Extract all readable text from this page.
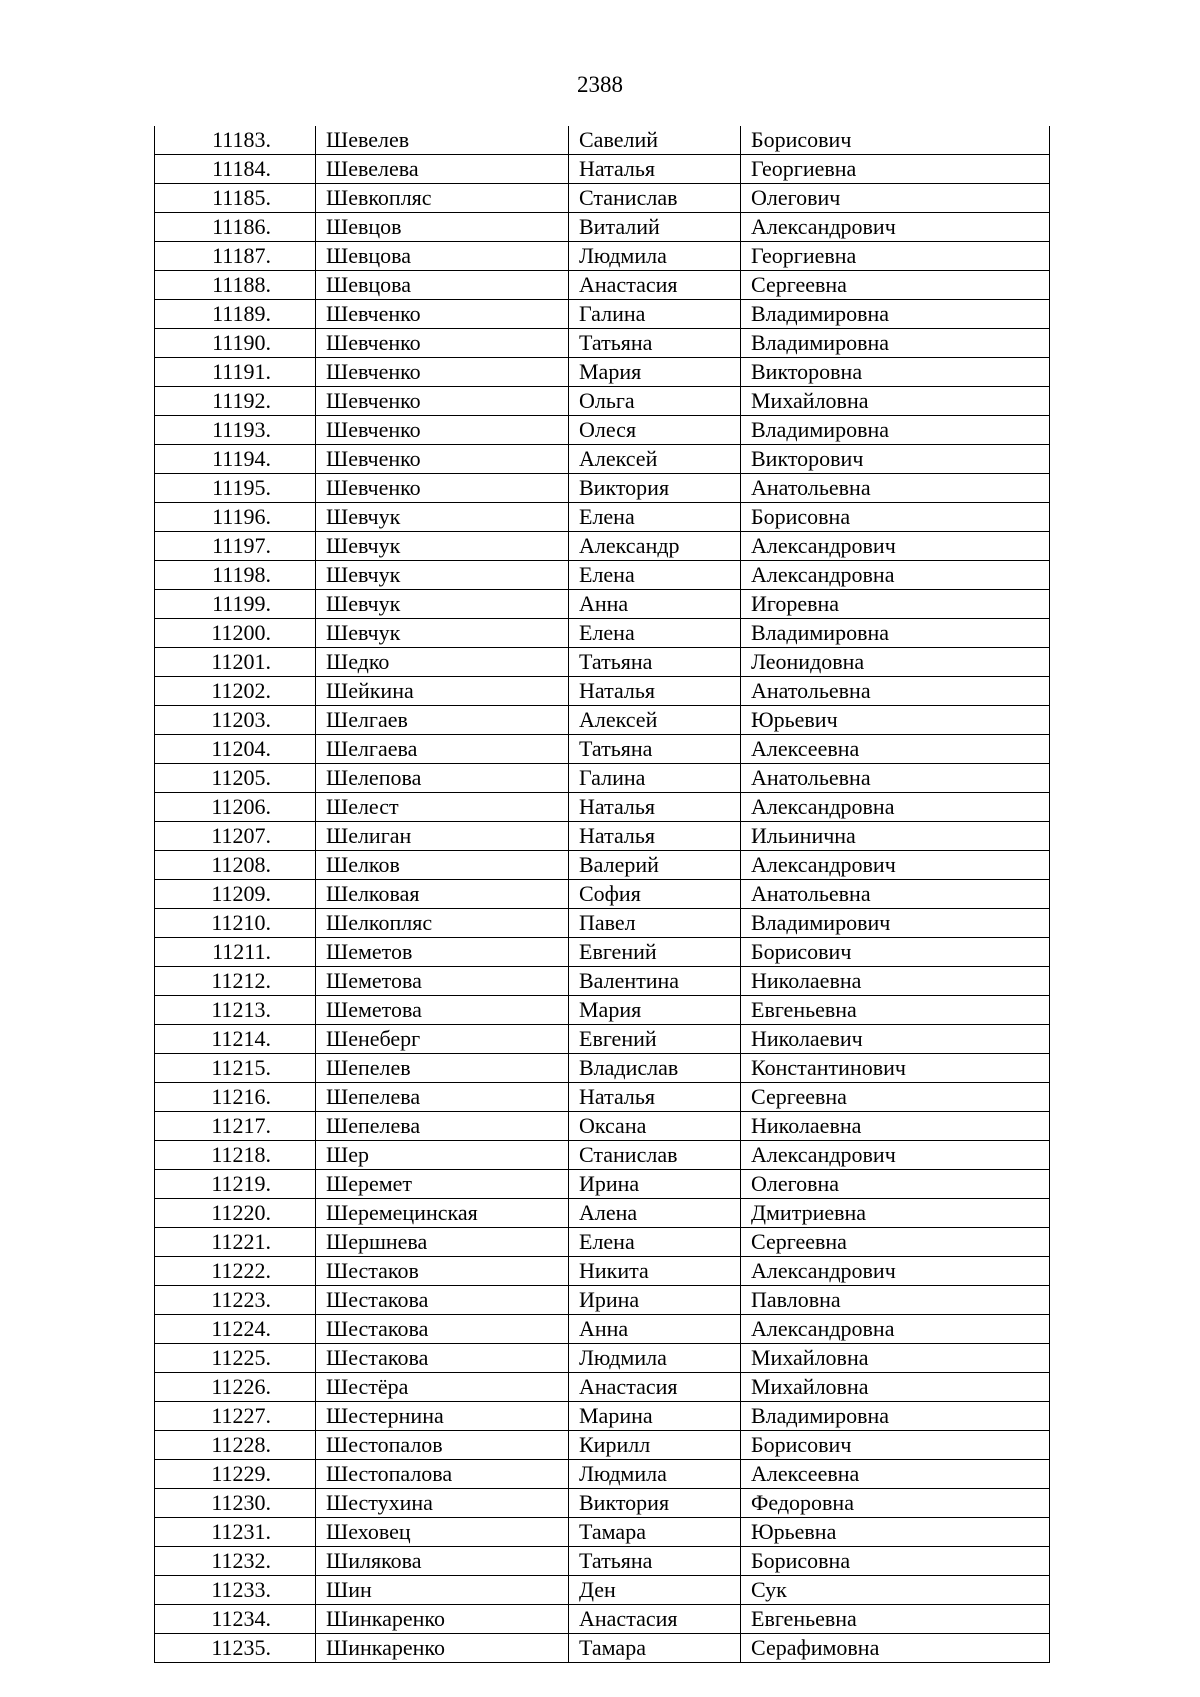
2388
11183.	Шевелев	Савелий	Борисович
11184.	Шевелева	Наталья	Георгиевна
11185.	Шевкопляс	Станислав	Олегович
11186.	Шевцов	Виталий	Александрович
11187.	Шевцова	Людмила	Георгиевна
11188.	Шевцова	Анастасия	Сергеевна
11189.	Шевченко	Галина	Владимировна
11190.	Шевченко	Татьяна	Владимировна
11191.	Шевченко	Мария	Викторовна
11192.	Шевченко	Ольга	Михайловна
11193.	Шевченко	Олеся	Владимировна
11194.	Шевченко	Алексей	Викторович
11195.	Шевченко	Виктория	Анатольевна
11196.	Шевчук	Елена	Борисовна
11197.	Шевчук	Александр	Александрович
11198.	Шевчук	Елена	Александровна
11199.	Шевчук	Анна	Игоревна
11200.	Шевчук	Елена	Владимировна
11201.	Шедко	Татьяна	Леонидовна
11202.	Шейкина	Наталья	Анатольевна
11203.	Шелгаев	Алексей	Юрьевич
11204.	Шелгаева	Татьяна	Алексеевна
11205.	Шелепова	Галина	Анатольевна
11206.	Шелест	Наталья	Александровна
11207.	Шелиган	Наталья	Ильинична
11208.	Шелков	Валерий	Александрович
11209.	Шелковая	София	Анатольевна
11210.	Шелкопляс	Павел	Владимирович
11211.	Шеметов	Евгений	Борисович
11212.	Шеметова	Валентина	Николаевна
11213.	Шеметова	Мария	Евгеньевна
11214.	Шенеберг	Евгений	Николаевич
11215.	Шепелев	Владислав	Константинович
11216.	Шепелева	Наталья	Сергеевна
11217.	Шепелева	Оксана	Николаевна
11218.	Шер	Станислав	Александрович
11219.	Шеремет	Ирина	Олеговна
11220.	Шеремецинская	Алена	Дмитриевна
11221.	Шершнева	Елена	Сергеевна
11222.	Шестаков	Никита	Александрович
11223.	Шестакова	Ирина	Павловна
11224.	Шестакова	Анна	Александровна
11225.	Шестакова	Людмила	Михайловна
11226.	Шестёра	Анастасия	Михайловна
11227.	Шестернина	Марина	Владимировна
11228.	Шестопалов	Кирилл	Борисович
11229.	Шестопалова	Людмила	Алексеевна
11230.	Шестухина	Виктория	Федоровна
11231.	Шеховец	Тамара	Юрьевна
11232.	Шилякова	Татьяна	Борисовна
11233.	Шин	Ден	Сук
11234.	Шинкаренко	Анастасия	Евгеньевна
11235.	Шинкаренко	Тамара	Серафимовна
